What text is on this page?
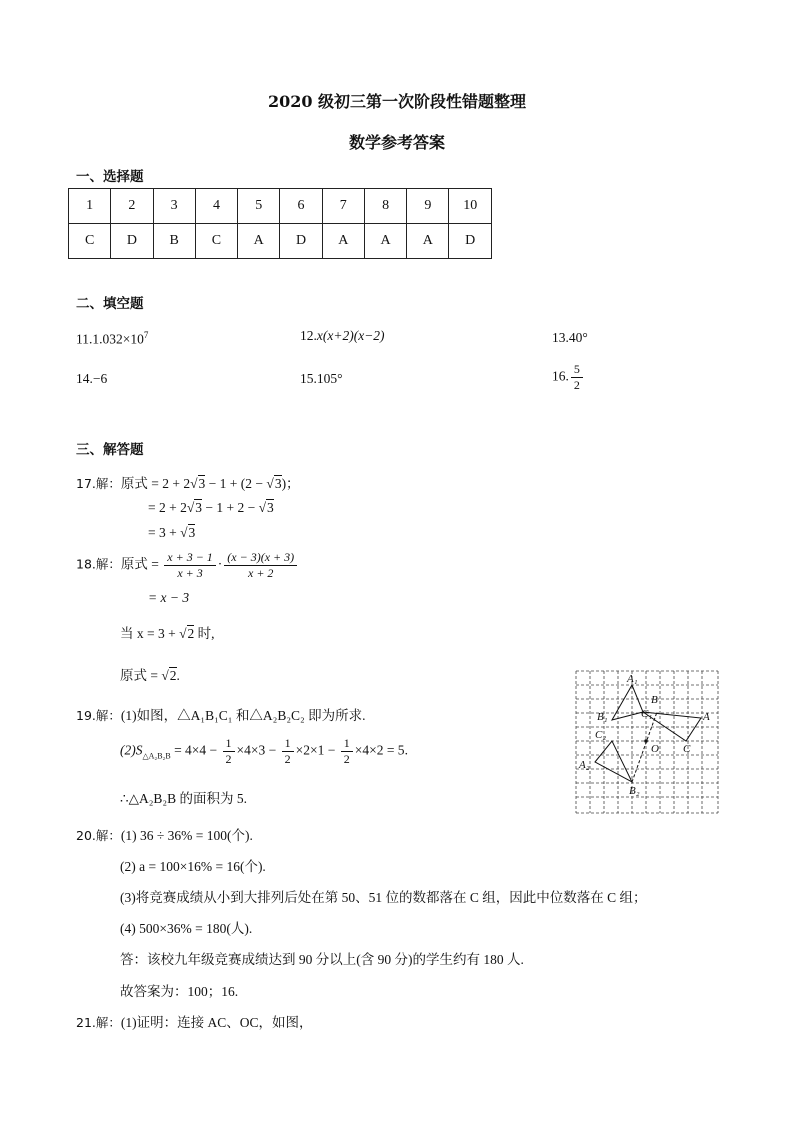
2020 级初三第一次阶段性错题整理
数学参考答案
一、选择题
1	2	3	4	5	6	7	8	9	10
C	D	B	C	A	D	A	A	A	D
二、填空题
$11.1.032\times 10^7$	12.x(x+2)(x−2)	13.40°
14.−6	15.105°	16. $\frac{5}{2}$
三、解答题
17.解：原式 = 2 + 2√3 − 1 + (2 − √3)；
= 2 + 2√3 − 1 + 2 − √3
= 3 + √3
18.解：原式 = $\frac{x + 3 - 1}{x + 3} \cdot \frac{(x - 3)(x + 3)}{x + 2}$
= x − 3
当 x = 3 + √2 时,
原式 = √2.
19.解：(1)如图，△A₁B₁C₁ 和△A₂B₂C₂ 即为所求.
$(2)S_{\triangle A_2B_2B} = 4\times 4 - \frac{1}{2} \times 4\times 3 - \frac{1}{2} \times 2\times 1 - \frac{1}{2} \times 4\times 2 = 5$.
∴△A₂B₂B 的面积为 5.
A₁
B
B₁	C₁	A
C₂
O C
A₂
B₂
20.解：(1) 36 ÷ 36% = 100(个).
(2) a = 100×16% = 16(个).
(3)将竞赛成绩从小到大排列后处在第 50、51 位的数都落在 C 组，因此中位数落在 C 组；
(4) 500×36% = 180(人).
答：该校九年级竞赛成绩达到 90 分以上(含 90 分)的学生约有 180 人.
故答案为：100；16.
21.解：(1)证明：连接 AC、OC，如图，
